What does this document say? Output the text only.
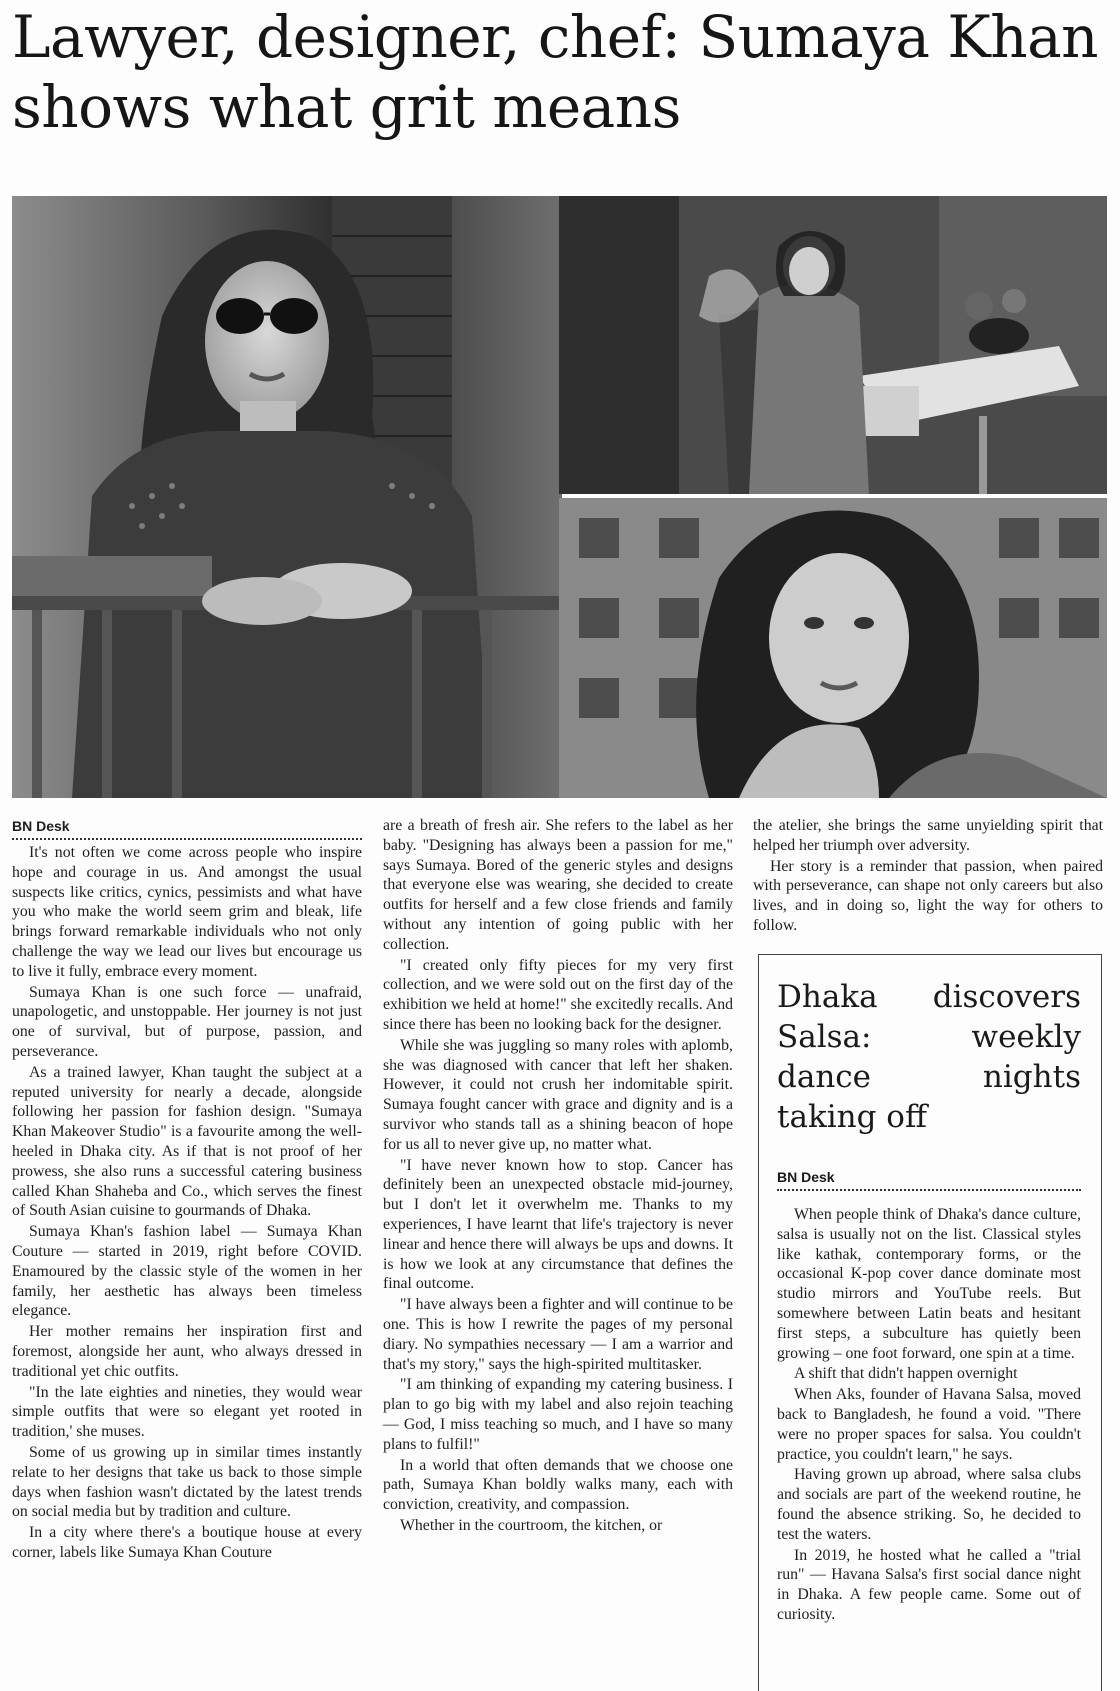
Lawyer, designer, chef: Sumaya Khan shows what grit means
BN Desk

It's not often we come across people who inspire hope and courage in us. And amongst the usual suspects like critics, cynics, pessimists and what have you who make the world seem grim and bleak, life brings forward remarkable individuals who not only challenge the way we lead our lives but encourage us to live it fully, embrace every moment.

Sumaya Khan is one such force — unafraid, unapologetic, and unstoppable. Her journey is not just one of survival, but of purpose, passion, and perseverance.

As a trained lawyer, Khan taught the subject at a reputed university for nearly a decade, alongside following her passion for fashion design. "Sumaya Khan Makeover Studio" is a favourite among the well-heeled in Dhaka city. As if that is not proof of her prowess, she also runs a successful catering business called Khan Shaheba and Co., which serves the finest of South Asian cuisine to gourmands of Dhaka.

Sumaya Khan's fashion label — Sumaya Khan Couture — started in 2019, right before COVID. Enamoured by the classic style of the women in her family, her aesthetic has always been timeless elegance.

Her mother remains her inspiration first and foremost, alongside her aunt, who always dressed in traditional yet chic outfits.

"In the late eighties and nineties, they would wear simple outfits that were so elegant yet rooted in tradition,' she muses.

Some of us growing up in similar times instantly relate to her designs that take us back to those simple days when fashion wasn't dictated by the latest trends on social media but by tradition and culture.

In a city where there's a boutique house at every corner, labels like Sumaya Khan Couture

are a breath of fresh air. She refers to the label as her baby. "Designing has always been a passion for me," says Sumaya. Bored of the generic styles and designs that everyone else was wearing, she decided to create outfits for herself and a few close friends and family without any intention of going public with her collection.

"I created only fifty pieces for my very first collection, and we were sold out on the first day of the exhibition we held at home!" she excitedly recalls. And since there has been no looking back for the designer.

While she was juggling so many roles with aplomb, she was diagnosed with cancer that left her shaken. However, it could not crush her indomitable spirit. Sumaya fought cancer with grace and dignity and is a survivor who stands tall as a shining beacon of hope for us all to never give up, no matter what.

"I have never known how to stop. Cancer has definitely been an unexpected obstacle mid-journey, but I don't let it overwhelm me. Thanks to my experiences, I have learnt that life's trajectory is never linear and hence there will always be ups and downs. It is how we look at any circumstance that defines the final outcome.

"I have always been a fighter and will continue to be one. This is how I rewrite the pages of my personal diary. No sympathies necessary — I am a warrior and that's my story," says the high-spirited multitasker.

"I am thinking of expanding my catering business. I plan to go big with my label and also rejoin teaching — God, I miss teaching so much, and I have so many plans to fulfil!"

In a world that often demands that we choose one path, Sumaya Khan boldly walks many, each with conviction, creativity, and compassion.

Whether in the courtroom, the kitchen, or

the atelier, she brings the same unyielding spirit that helped her triumph over adversity.

Her story is a reminder that passion, when paired with perseverance, can shape not only careers but also lives, and in doing so, light the way for others to follow.

Dhaka discovers Salsa: weekly dance nights taking off
BN Desk

When people think of Dhaka's dance culture, salsa is usually not on the list. Classical styles like kathak, contemporary forms, or the occasional K-pop cover dance dominate most studio mirrors and YouTube reels. But somewhere between Latin beats and hesitant first steps, a subculture has quietly been growing – one foot forward, one spin at a time.

A shift that didn't happen overnight

When Aks, founder of Havana Salsa, moved back to Bangladesh, he found a void. "There were no proper spaces for salsa. You couldn't practice, you couldn't learn," he says.

Having grown up abroad, where salsa clubs and socials are part of the weekend routine, he found the absence striking. So, he decided to test the waters.

In 2019, he hosted what he called a "trial run" — Havana Salsa's first social dance night in Dhaka. A few people came. Some out of curiosity.
